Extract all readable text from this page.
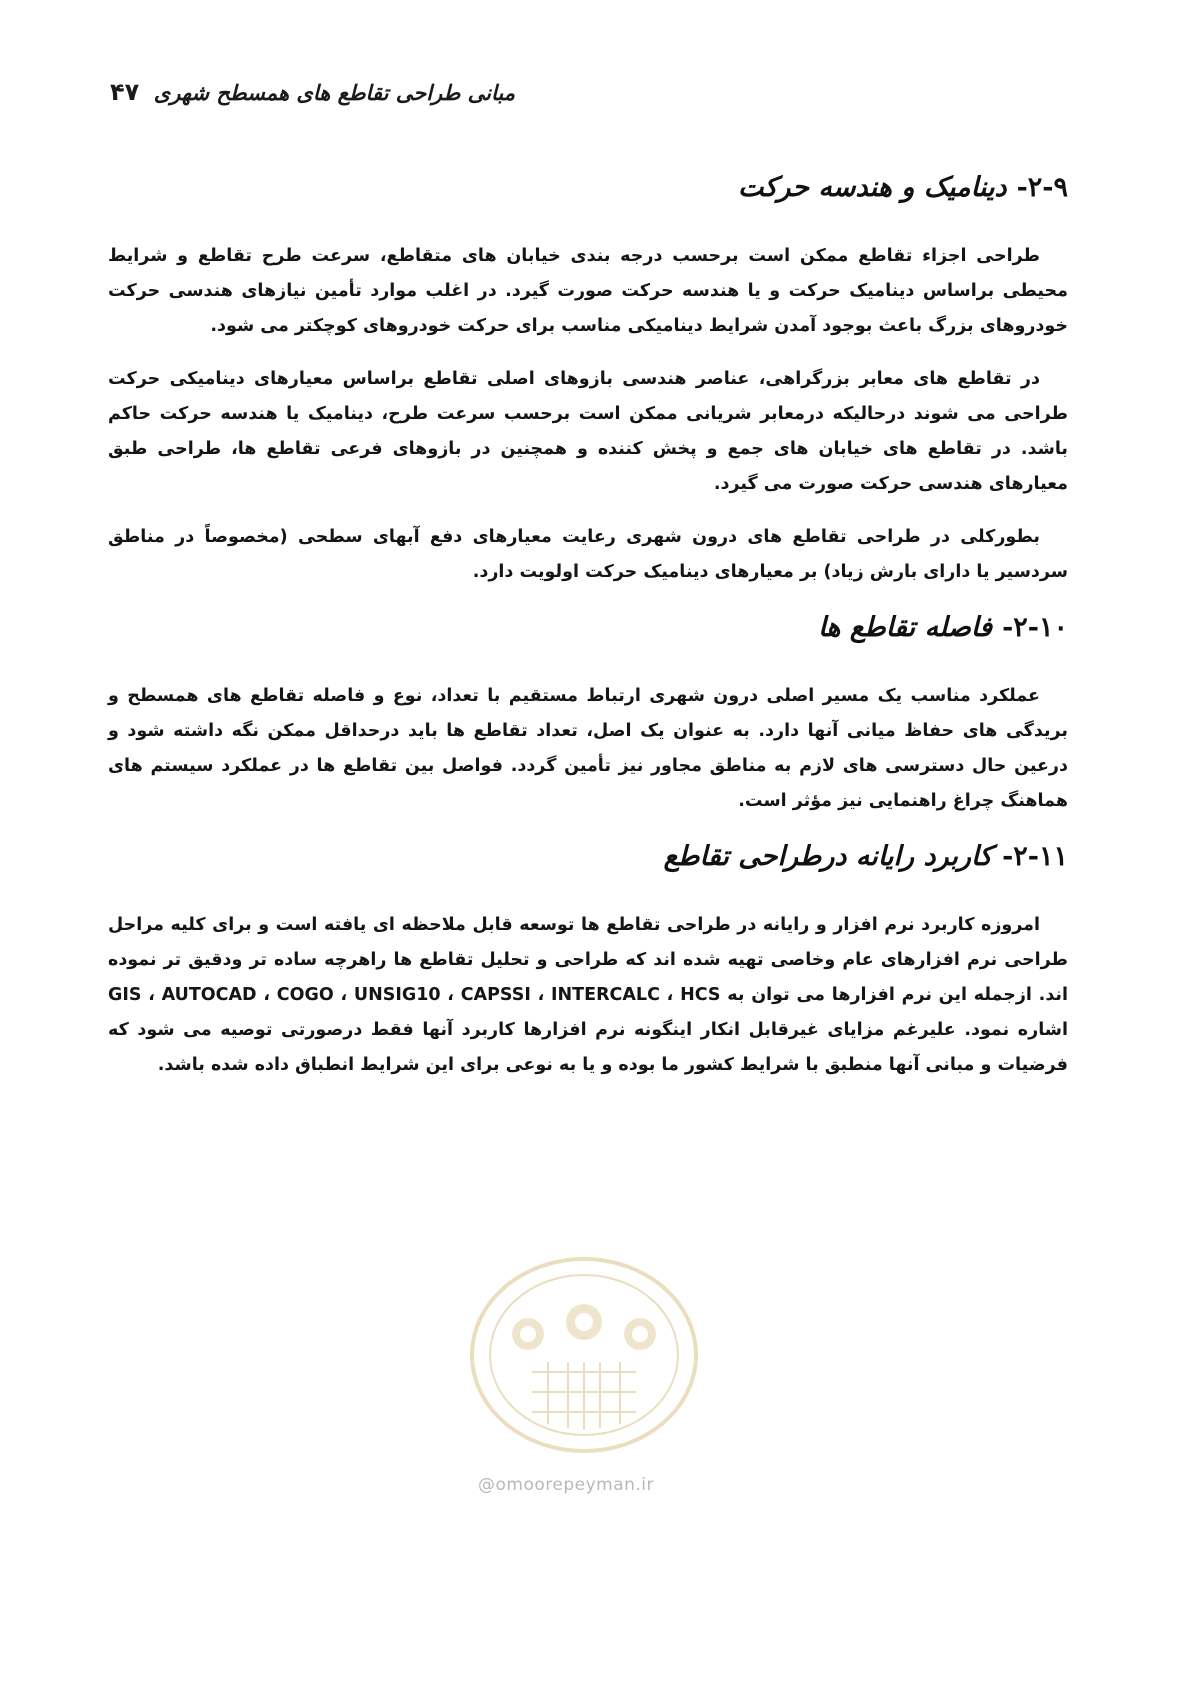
۴۷ مبانی طراحی تقاطع های همسطح شهری
۲-۹-دینامیک و هندسه حرکت

طراحی اجزاء تقاطع ممکن است برحسب درجه بندی خیابان های متقاطع، سرعت طرح تقاطع و شرایط محیطی براساس دینامیک حرکت و یا هندسه حرکت صورت گیرد. در اغلب موارد تأمین نیازهای هندسی حرکت خودروهای بزرگ باعث بوجود آمدن شرایط دینامیکی مناسب برای حرکت خودروهای کوچکتر می شود.

در تقاطع های معابر بزرگراهی، عناصر هندسی بازوهای اصلی تقاطع براساس معیارهای دینامیکی حرکت طراحی می شوند درحالیکه درمعابر شریانی ممکن است برحسب سرعت طرح، دینامیک یا هندسه حرکت حاکم باشد. در تقاطع های خیابان های جمع و پخش کننده و همچنین در بازوهای فرعی تقاطع ها، طراحی طبق معیارهای هندسی حرکت صورت می گیرد.

بطورکلی در طراحی تقاطع های درون شهری رعایت معیارهای دفع آبهای سطحی (مخصوصاً در مناطق سردسیر یا دارای بارش زیاد) بر معیارهای دینامیک حرکت اولویت دارد.

۲-۱۰-فاصله تقاطع ها

عملکرد مناسب یک مسیر اصلی درون شهری ارتباط مستقیم با تعداد، نوع و فاصله تقاطع های همسطح و بریدگی های حفاظ میانی آنها دارد. به عنوان یک اصل، تعداد تقاطع ها باید درحداقل ممکن نگه داشته شود و درعین حال دسترسی های لازم به مناطق مجاور نیز تأمین گردد. فواصل بین تقاطع ها در عملکرد سیستم های هماهنگ چراغ راهنمایی نیز مؤثر است.

۲-۱۱-کاربرد رایانه درطراحی تقاطع

امروزه کاربرد نرم افزار و رایانه در طراحی تقاطع ها توسعه قابل ملاحظه ای یافته است و برای کلیه مراحل طراحی نرم افزارهای عام وخاصی تهیه شده اند که طراحی و تحلیل تقاطع ها راهرچه ساده تر ودقیق تر نموده اند. ازجمله این نرم افزارها می توان به GIS ، AUTOCAD ، COGO ، UNSIG10 ، CAPSSI ، INTERCALC ، HCS اشاره نمود. علیرغم مزایای غیرقابل انکار اینگونه نرم افزارها کاربرد آنها فقط درصورتی توصیه می شود که فرضیات و مبانی آنها منطبق با شرایط کشور ما بوده و یا به نوعی برای این شرایط انطباق داده شده باشد.

@omoorepeyman.ir
